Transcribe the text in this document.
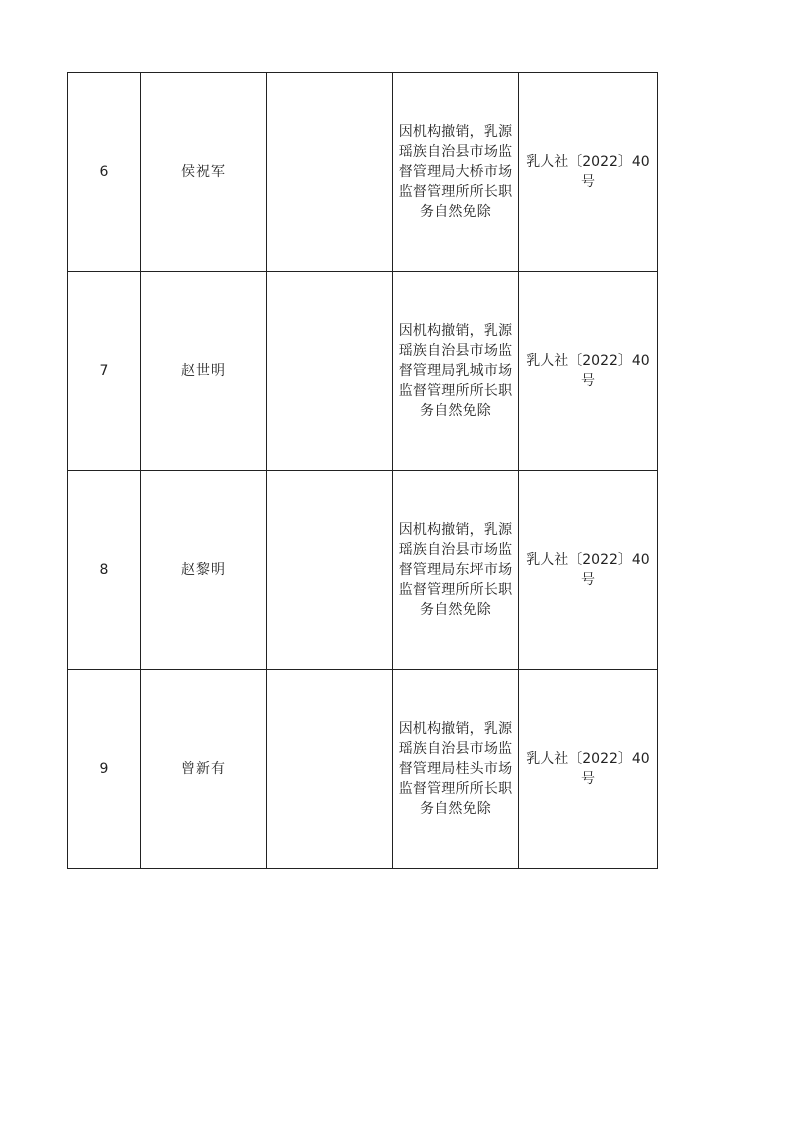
6	侯祝军		因机构撤销，乳源瑶族自治县市场监督管理局大桥市场监督管理所所长职务自然免除	乳人社〔2022〕40号

7	赵世明		因机构撤销，乳源瑶族自治县市场监督管理局乳城市场监督管理所所长职务自然免除	乳人社〔2022〕40号

8	赵黎明		因机构撤销，乳源瑶族自治县市场监督管理局东坪市场监督管理所所长职务自然免除	乳人社〔2022〕40号

9	曾新有		因机构撤销，乳源瑶族自治县市场监督管理局桂头市场监督管理所所长职务自然免除	乳人社〔2022〕40号
